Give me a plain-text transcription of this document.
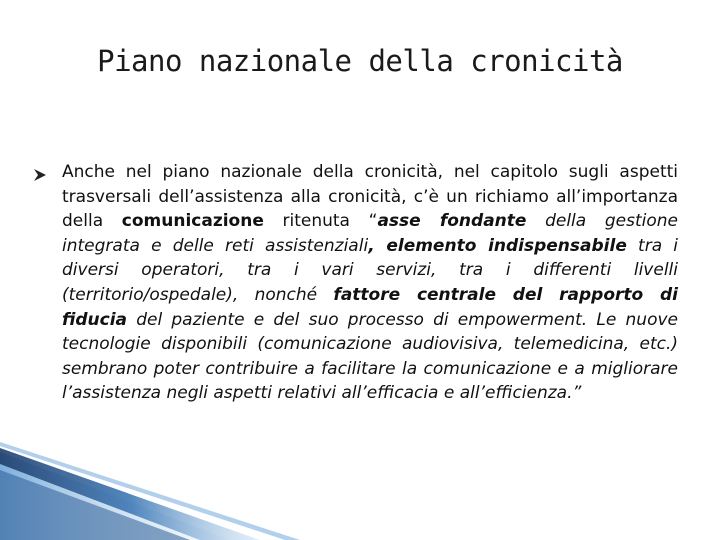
Piano nazionale della cronicità

Anche nel piano nazionale della cronicità, nel capitolo sugli aspetti trasversali dell’assistenza alla cronicità, c’è un richiamo all’importanza della comunicazione ritenuta “asse fondante della gestione integrata e delle reti assistenziali, elemento indispensabile tra i diversi operatori, tra i vari servizi, tra i differenti livelli (territorio/ospedale), nonché fattore centrale del rapporto di fiducia del paziente e del suo processo di empowerment. Le nuove tecnologie disponibili (comunicazione audiovisiva, telemedicina, etc.) sembrano poter contribuire a facilitare la comunicazione e a migliorare l’assistenza negli aspetti relativi all’efficacia e all’efficienza.”
